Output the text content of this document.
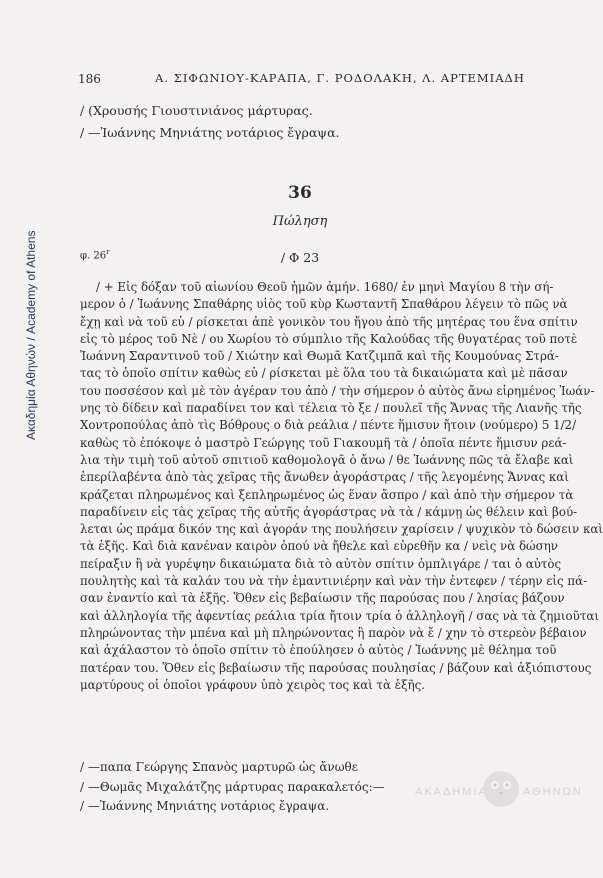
Ακαδημία Αθηνών / Academy of Athens
186	Α. ΣΙΦΩΝΙΟΥ-ΚΑΡΑΠΑ, Γ. ΡΟΔΟΛΑΚΗ, Λ. ΑΡΤΕΜΙΑΔΗ
/ (Χρουσής Γιουστινιάνος μάρτυρας.
/ —Ἰωάννης Μηνιάτης νοτάριος ἔγραψα.
36
Πώληση
φ. 26$^r$	/ Φ 23
/ + Εἰς δόξαν τοῦ αἰωνίου Θεοῦ ἡμῶν ἀμήν. 1680/ ἐν μηνὶ Μαγίου 8 τὴν σή-
μερον ὁ / Ἰωάννης Σπαθάρης υἱὸς τοῦ κὺρ Κωσταντῆ Σπαθάρου λέγειν τὸ πῶς νὰ
ἔχῃ καὶ νὰ τοῦ εὑ / ρίσκεται ἀπὲ γονικὸν του ἤγου ἀπὸ τῆς μητέρας του ἕνα σπίτιν
εἰς τὸ μέρος τοῦ Νὲ / ου Χωρίου τὸ σύμπλιο τῆς Καλούδας τῆς θυγατέρας τοῦ ποτὲ
Ἰωάννη Σαραντινοῦ τοῦ / Χιώτην καὶ Θωμᾶ Κατζιμπᾶ καὶ τῆς Κουμούνας Στρά-
τας τὸ ὁποῖο σπίτιν καθὼς εὑ / ρίσκεται μὲ ὅλα του τὰ δικαιώματα καὶ μὲ πᾶσαν
του ποσσέσον καὶ μὲ τὸν ἀγέραν του ἀπὸ / τὴν σήμερον ὁ αὐτὸς ἄνω εἰρημένος Ἰωάν-
νης τὸ δίδειν καὶ παραδίνει τον καὶ τέλεια τὸ ξε / πουλεῖ τῆς Ἄννας τῆς Λιανῆς τῆς
Χοντροπούλας ἀπὸ τὶς Βόθρους ο διὰ ρεάλια / πέντε ἥμισυν ἤτοιν (νούμερο) 5 1/2/
καθὼς τὸ ἐπόκοψε ὁ μαστρὸ Γεώργης τοῦ Γιακουμῆ τὰ / ὁποῖα πέντε ἥμισυν ρεά-
λια τὴν τιμὴ τοῦ αὐτοῦ σπιτιοῦ καθομολογᾶ ὁ ἄνω / θε Ἰωάννης πῶς τὰ ἔλαβε καὶ
ἐπερίλαβέντα ἀπὸ τὰς χεῖρας τῆς ἄνωθεν ἀγοράστρας / τῆς λεγομένης Ἄννας καὶ
κράζεται πληρωμένος καὶ ξεπληρωμένος ὡς ἕναν ἄσπρο / καὶ ἀπὸ τὴν σήμερον τὰ
παραδίνειν εἰς τὰς χεῖρας τῆς αὐτῆς ἀγοράστρας νὰ τὰ / κάμνῃ ὡς θέλειν καὶ βού-
λεται ὡς πράμα δικόν της καὶ ἀγοράν της πουλήσειν χαρίσειν / ψυχικὸν τὸ δώσειν καὶ
τὰ ἑξῆς. Καὶ διὰ κανέναν καιρὸν ὁπού νὰ ἤθελε καὶ εὑρεθῆν κα / νεὶς νὰ δώσην
πείραξιν ἢ νὰ γυρέψην δικαιώματα διὰ τὸ αὐτὸν σπίτιν ὀμπλιγάρε / ται ὁ αὐτὸς
πουλητὴς καὶ τὰ καλάν του νὰ τὴν ἐμαντινιέρην καὶ νὰν τὴν ἐντεφεν / τέρην εἰς πά-
σαν ἐναντίο καὶ τὰ ἑξῆς. Ὅθεν εἰς βεβαίωσιν τῆς παρούσας που / λησίας βάζουν
καὶ ἀλληλογία τῆς ἀφεντίας ρεάλια τρία ἤτοιν τρία ὁ ἀλληλογῆ / σας νὰ τὰ ζημιοῦται
πληρώνοντας τὴν μπένα καὶ μὴ πληρώνοντας ἢ παρὸν νὰ ἔ / χην τὸ στερεὸν βέβαιον
καὶ ἀχάλαστον τὸ ὁποῖο σπίτιν τὸ ἐπούλησεν ὁ αὐτὸς / Ἰωάννης μὲ θέλημα τοῦ
πατέραν του. Ὅθεν εἰς βεβαίωσιν τῆς παρούσας πουλησίας / βάζουν καὶ ἀξιόπιστους
μαρτύρους οἱ ὁποῖοι γράφουν ὑπὸ χειρὸς τος καὶ τὰ ἑξῆς.
/ —παπα Γεώργης Σπανὸς μαρτυρῶ ὡς ἄνωθε
/ —Θωμᾶς Μιχαλάτζης μάρτυρας παρακαλετός:—
/ —Ἰωάννης Μηνιάτης νοτάριος ἔγραψα.
ΑΚΑΔΗΜΙΑ	ΑΘΗΝΩΝ
